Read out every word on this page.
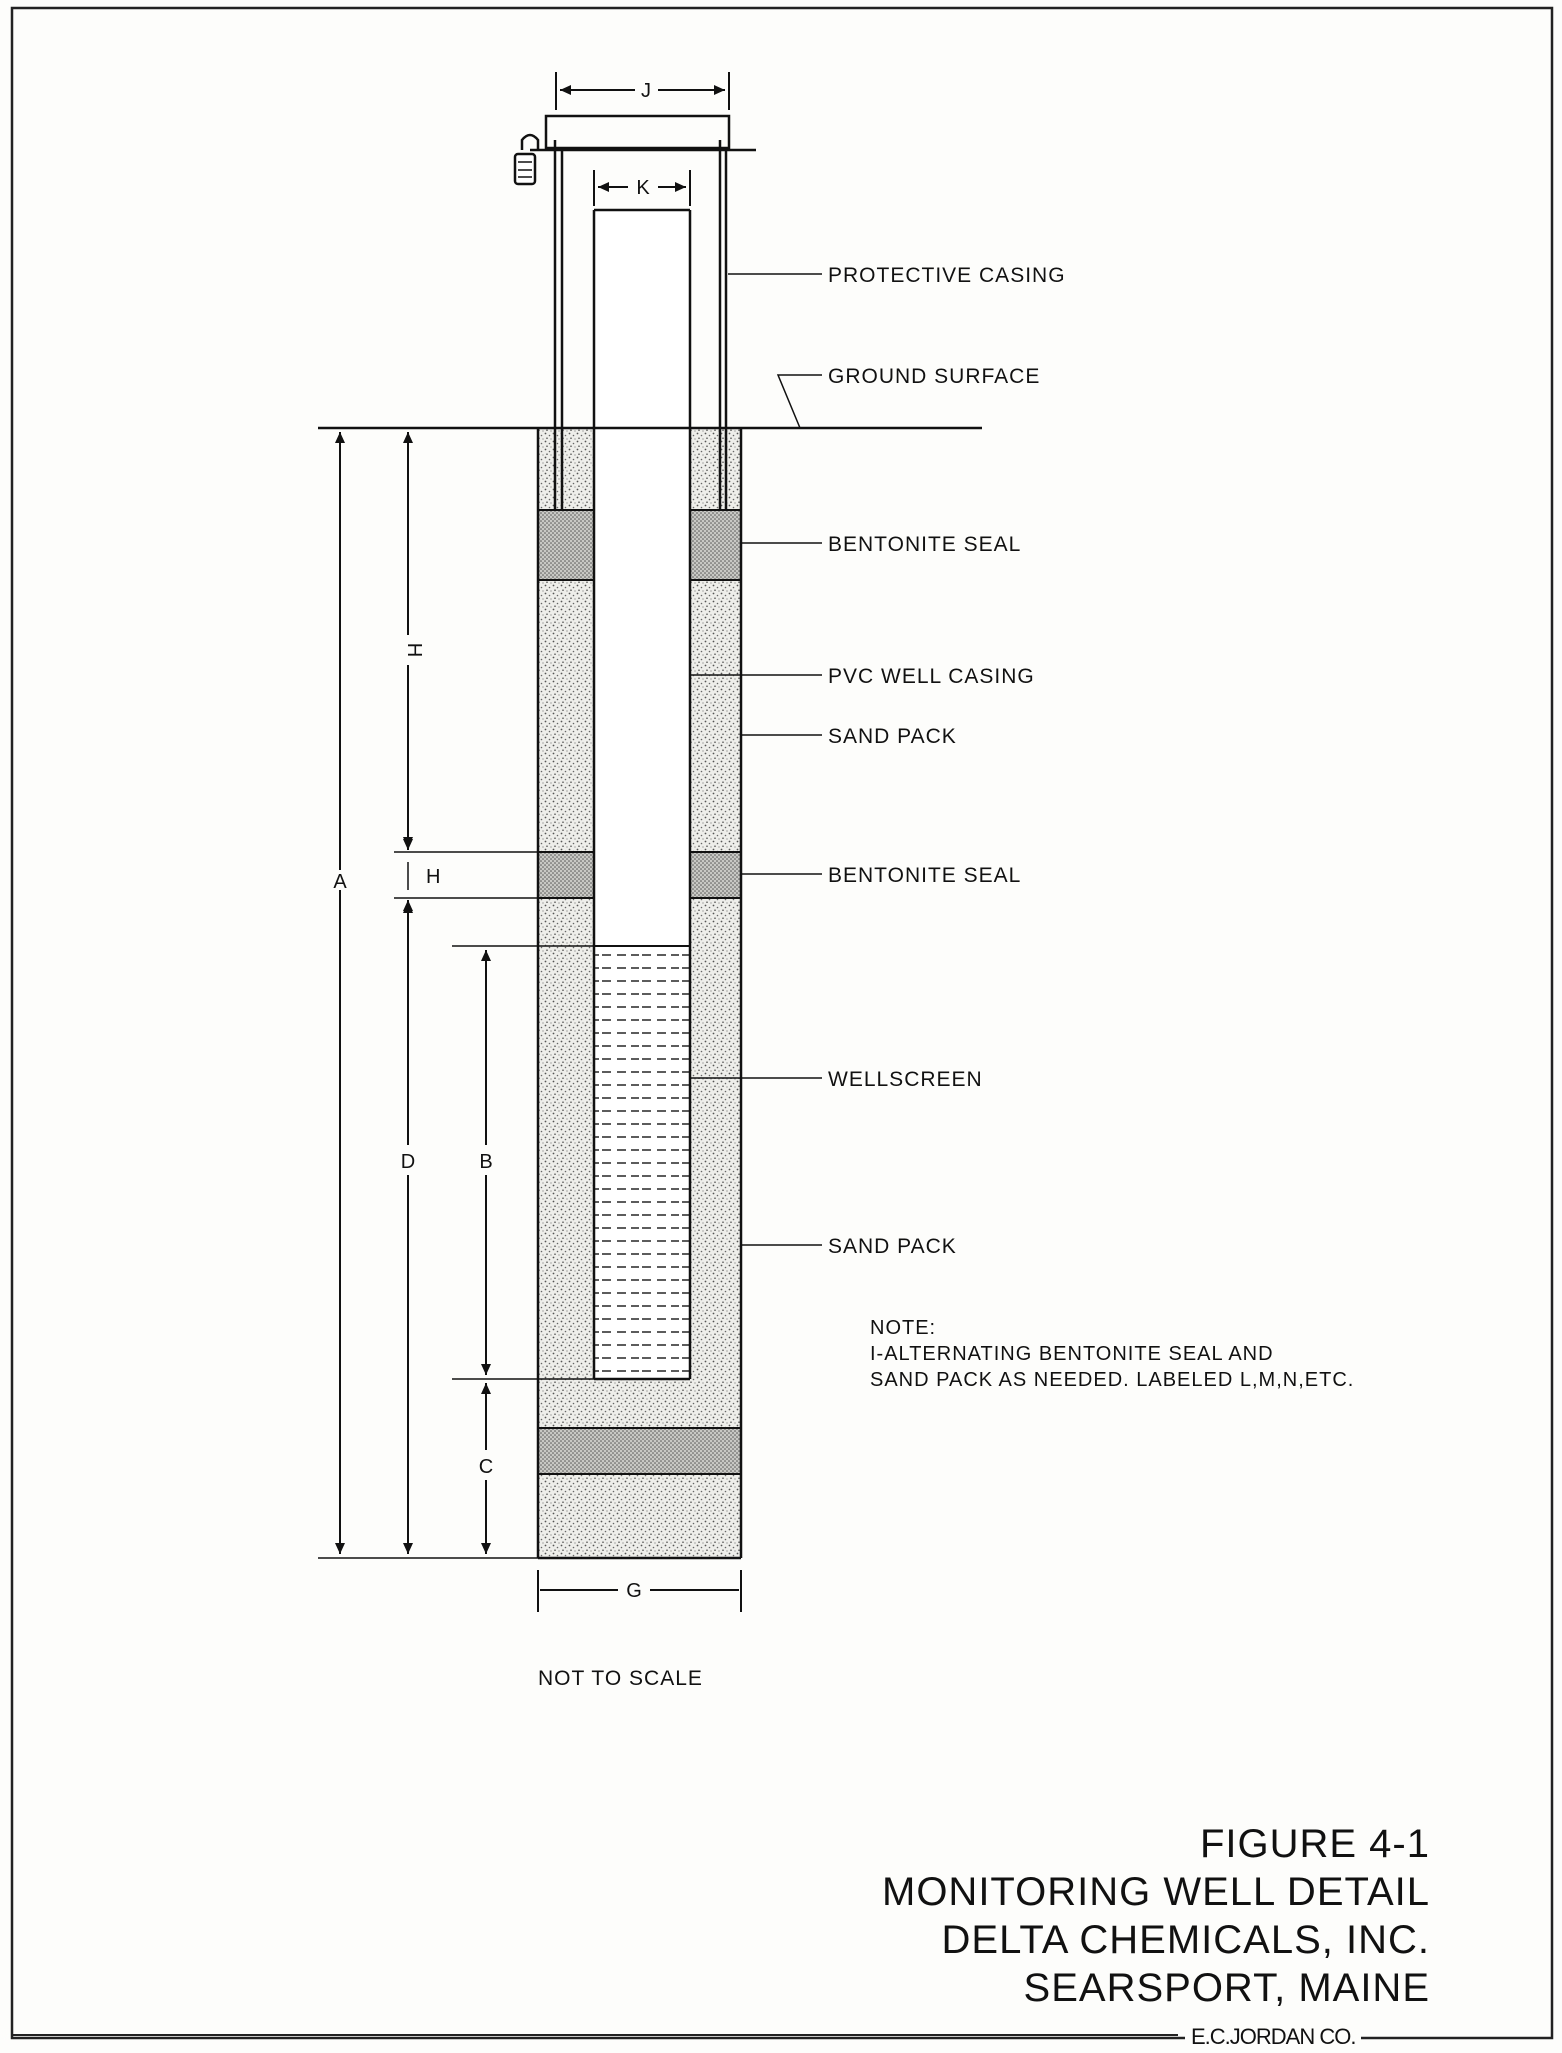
J
K
A
H
H
D	B
C
G
PROTECTIVE CASING
GROUND SURFACE
BENTONITE SEAL
PVC WELL CASING
SAND PACK
BENTONITE SEAL
WELLSCREEN
SAND PACK
NOT TO SCALE
NOTE:
I-ALTERNATING BENTONITE SEAL AND
SAND PACK AS NEEDED. LABELED L,M,N,ETC.
FIGURE 4-1
MONITORING WELL DETAIL
DELTA CHEMICALS, INC.
SEARSPORT, MAINE
E.C.JORDAN CO.
